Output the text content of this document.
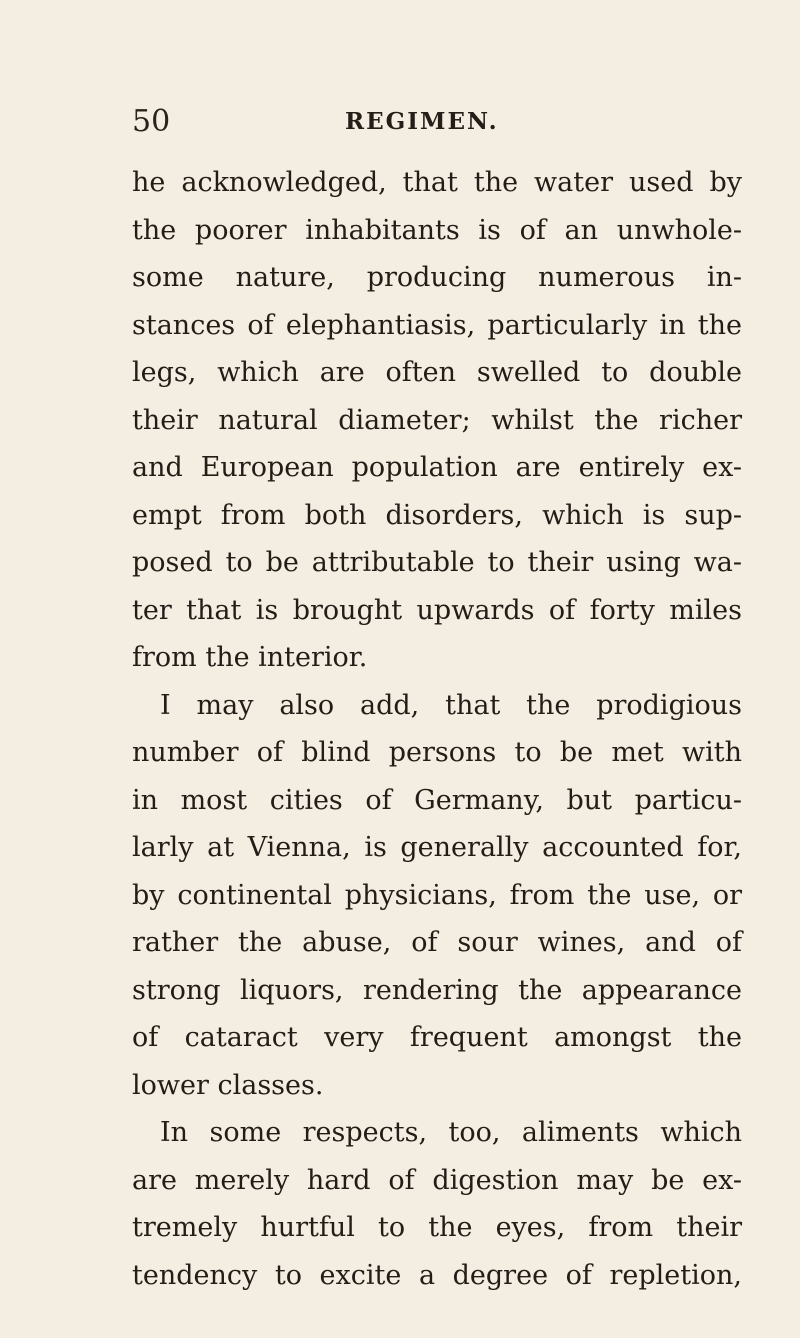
50	REGIMEN.
he acknowledged, that the water used by
the poorer inhabitants is of an unwhole-
some nature, producing numerous in-
stances of elephantiasis, particularly in the
legs, which are often swelled to double
their natural diameter; whilst the richer
and European population are entirely ex-
empt from both disorders, which is sup-
posed to be attributable to their using wa-
ter that is brought upwards of forty miles
from the interior.
I may also add, that the prodigious
number of blind persons to be met with
in most cities of Germany, but particu-
larly at Vienna, is generally accounted for,
by continental physicians, from the use, or
rather the abuse, of sour wines, and of
strong liquors, rendering the appearance
of cataract very frequent amongst the
lower classes.
In some respects, too, aliments which
are merely hard of digestion may be ex-
tremely hurtful to the eyes, from their
tendency to excite a degree of repletion,
